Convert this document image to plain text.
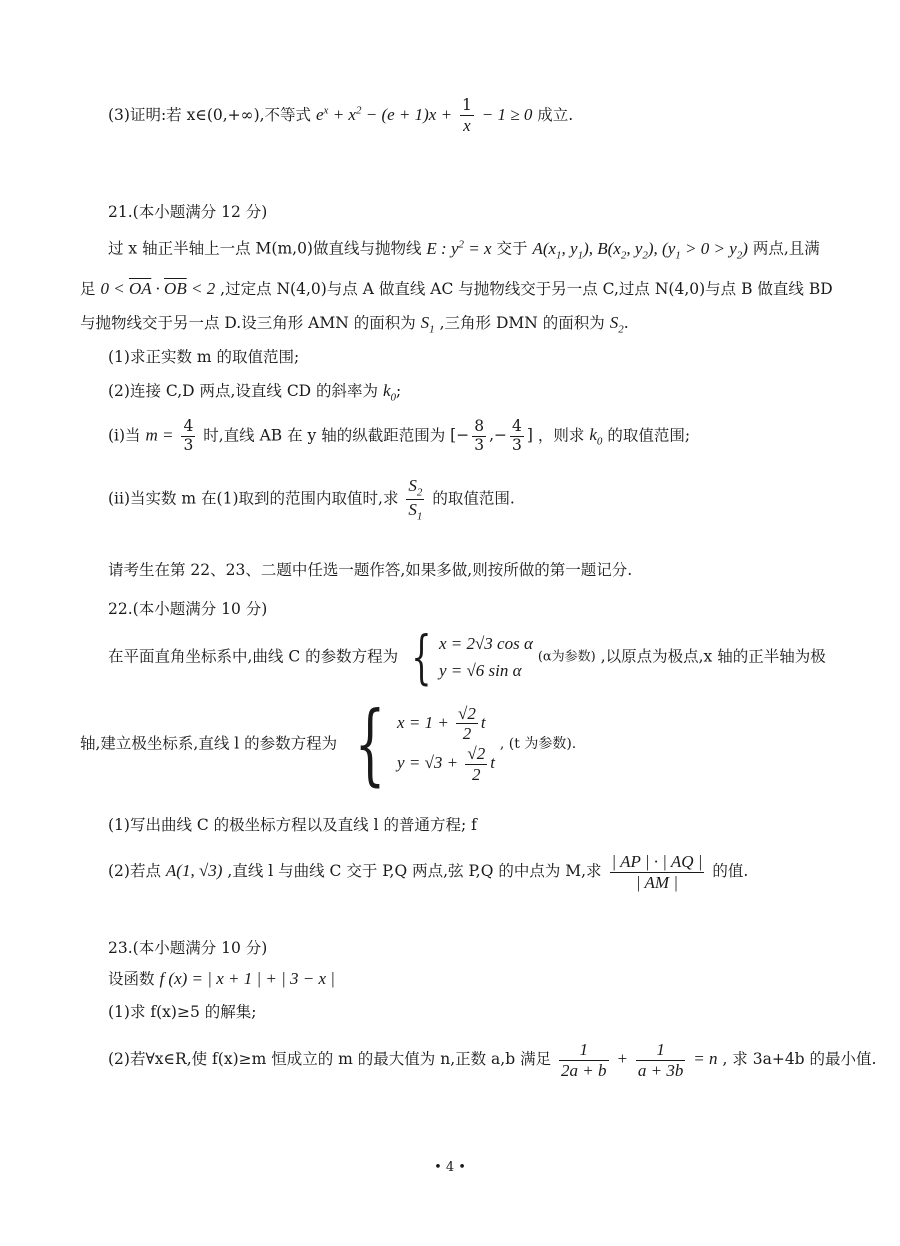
(3)证明:若 x∈(0,+∞),不等式 $e^x + x^2 - (e + 1)x + \frac{1}{x} - 1 \ge 0$ 成立.
21.(本小题满分 12 分)
过 x 轴正半轴上一点 M(m,0)做直线与抛物线 E : $y^2 = x$ 交于 $A(x_1$, $y_1$), $B(x_2$, $y_2$), $(y_1 > 0 > y_2)$ 两点,且满
足 $0 < \overline{OA} \cdot \overline{OB} < 2$ ,过定点 N(4,0)与点 A 做直线 AC 与抛物线交于另一点 C,过点 N(4,0)与点 B 做直线 BD
与抛物线交于另一点 D.设三角形 AMN 的面积为 $S_1$ ,三角形 DMN 的面积为 $S_2$.
(1)求正实数 m 的取值范围;
(2)连接 C,D 两点,设直线 CD 的斜率为 $k_0$;
(i)当 $m = \frac{4}{3}$ 时,直线 AB 在 y 轴的纵截距范围为 [− $\frac{8}{3}$ ,− $\frac{4}{3}$ ] ，则求 $k_0$ 的取值范围;
(ii)当实数 m 在(1)取到的范围内取值时,求 $\frac{S_2}{S_1}$ 的取值范围.
请考生在第 22、23、二题中任选一题作答,如果多做,则按所做的第一题记分.
22.(本小题满分 10 分)
在平面直角坐标系中,曲线 C 的参数方程为 { x = 2√3 cos α
y = √6 sin α
(α为参数) ,以原点为极点,x 轴的正半轴为极
轴,建立极坐标系,直线 l 的参数方程为 { $x = 1 + \frac{√2}{2}$ t
$y = √3 + \frac{√2}{2}$ t
, (t 为参数).
(1)写出曲线 C 的极坐标方程以及直线 l 的普通方程; f
(2)若点 A(1, √3) ,直线 l 与曲线 C 交于 P,Q 两点,弦 P,Q 的中点为 M,求 $\frac{| AP | \cdot | AQ |}{| AM |}$ 的值.
23.(本小题满分 10 分)
设函数 f (x) = | x + 1 | + | 3 − x |
(1)求 f(x)≥5 的解集;
(2)若∀x∈R,使 f(x)≥m 恒成立的 m 的最大值为 n,正数 a,b 满足 $\frac{1}{2a + b} + \frac{1}{a + 3b} = n$ , 求 3a+4b 的最小值.
• 4 •
